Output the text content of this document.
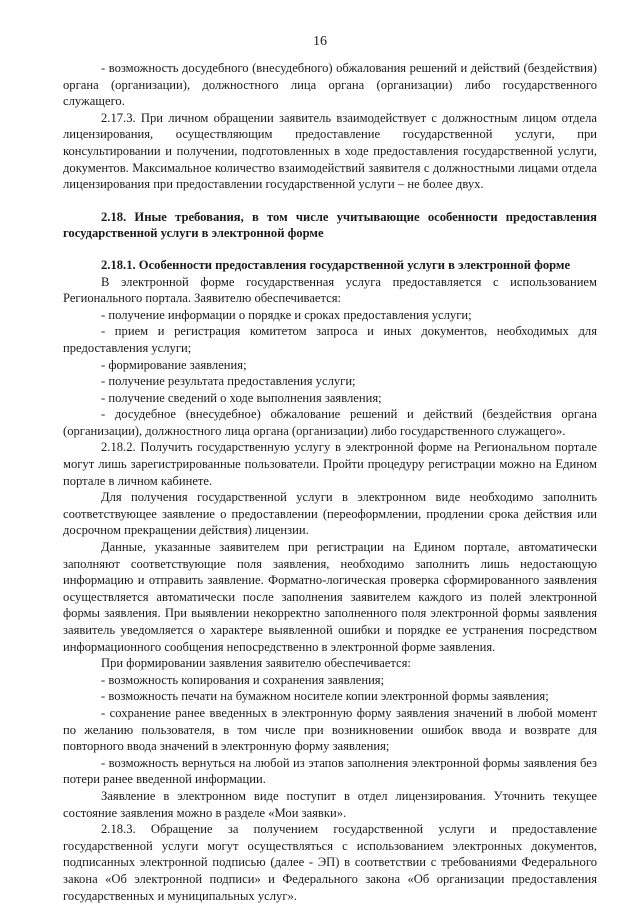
16

- возможность досудебного (внесудебного) обжалования решений и действий (бездействия) органа (организации), должностного лица органа (организации) либо государственного служащего.

2.17.3. При личном обращении заявитель взаимодействует с должностным лицом отдела лицензирования, осуществляющим предоставление государственной услуги, при консультировании и получении, подготовленных в ходе предоставления государственной услуги, документов. Максимальное количество взаимодействий заявителя с должностными лицами отдела лицензирования при предоставлении государственной услуги – не более двух.

2.18. Иные требования, в том числе учитывающие особенности предоставления государственной услуги в электронной форме

2.18.1. Особенности предоставления государственной услуги в электронной форме

В электронной форме государственная услуга предоставляется с использованием Регионального портала. Заявителю обеспечивается:

- получение информации о порядке и сроках предоставления услуги;

- прием и регистрация комитетом запроса и иных документов, необходимых для предоставления услуги;

- формирование заявления;

- получение результата предоставления услуги;

- получение сведений о ходе выполнения заявления;

- досудебное (внесудебное) обжалование решений и действий (бездействия органа (организации), должностного лица органа (организации) либо государственного служащего».

2.18.2. Получить государственную услугу в электронной форме на Региональном портале могут лишь зарегистрированные пользователи. Пройти процедуру регистрации можно на Едином портале в личном кабинете.

Для получения государственной услуги в электронном виде необходимо заполнить соответствующее заявление о предоставлении (переоформлении, продлении срока действия или досрочном прекращении действия) лицензии.

Данные, указанные заявителем при регистрации на Едином портале, автоматически заполняют соответствующие поля заявления, необходимо заполнить лишь недостающую информацию и отправить заявление. Форматно-логическая проверка сформированного заявления осуществляется автоматически после заполнения заявителем каждого из полей электронной формы заявления. При выявлении некорректно заполненного поля электронной формы заявления заявитель уведомляется о характере выявленной ошибки и порядке ее устранения посредством информационного сообщения непосредственно в электронной форме заявления.

При формировании заявления заявителю обеспечивается:

- возможность копирования и сохранения заявления;

- возможность печати на бумажном носителе копии электронной формы заявления;

- сохранение ранее введенных в электронную форму заявления значений в любой момент по желанию пользователя, в том числе при возникновении ошибок ввода и возврате для повторного ввода значений в электронную форму заявления;

- возможность вернуться на любой из этапов заполнения электронной формы заявления без потери ранее введенной информации.

Заявление в электронном виде поступит в отдел лицензирования. Уточнить текущее состояние заявления можно в разделе «Мои заявки».

2.18.3. Обращение за получением государственной услуги и предоставление государственной услуги могут осуществляться с использованием электронных документов, подписанных электронной подписью (далее - ЭП) в соответствии с требованиями Федерального закона «Об электронной подписи» и Федерального закона «Об организации предоставления государственных и муниципальных услуг».
